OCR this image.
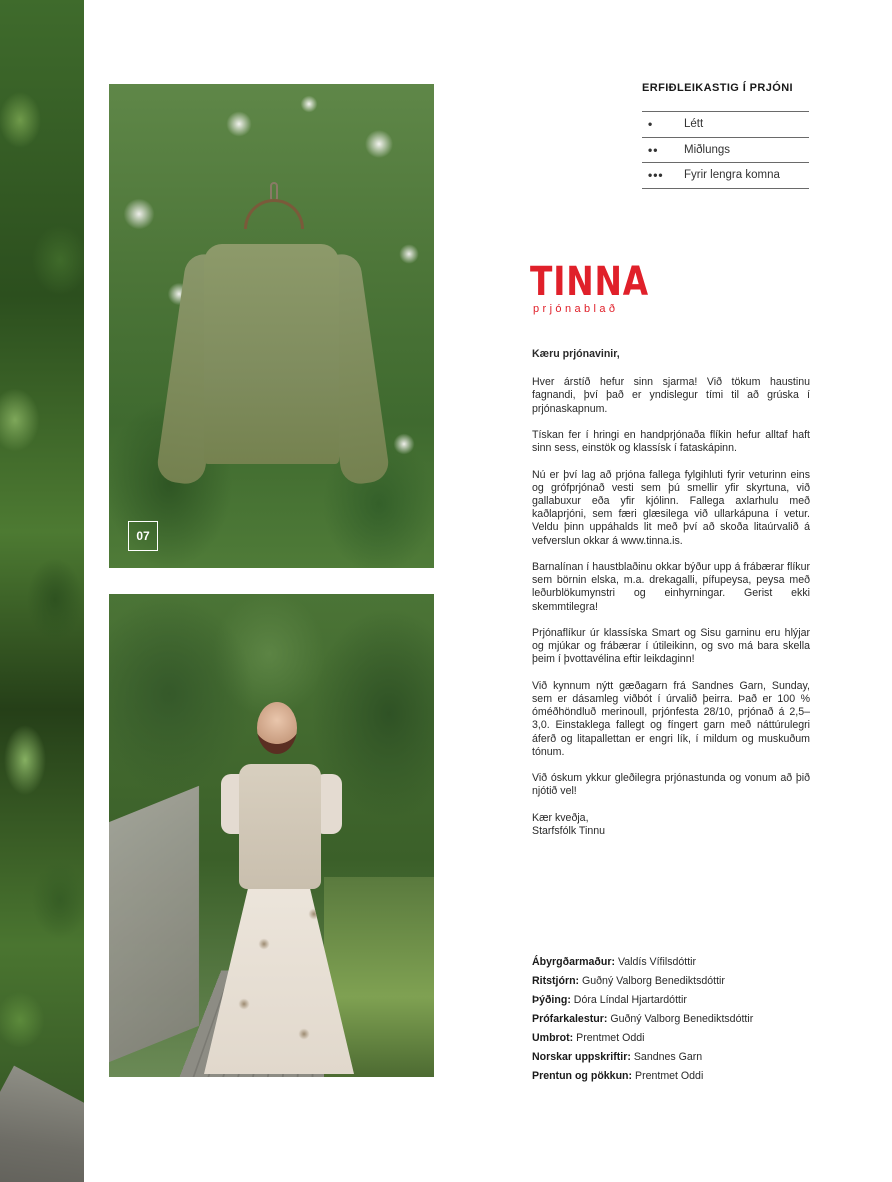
07
ERFIÐLEIKASTIG Í PRJÓNI
•	Létt
••	Miðlungs
•••	Fyrir lengra komna
TINNA
prjónablað
Kæru prjónavinir,

Hver árstíð hefur sinn sjarma! Við tökum haustinu fagnandi, því það er yndislegur tími til að grúska í prjónaskapnum.

Tískan fer í hringi en handprjónaða flíkin hefur alltaf haft sinn sess, einstök og klassísk í fataskápinn.

Nú er því lag að prjóna fallega fylgihluti fyrir veturinn eins og grófprjónað vesti sem þú smellir yfir skyrtuna, við gallabuxur eða yfir kjólinn. Fallega axlarhulu með kaðlaprjóni, sem færi glæsilega við ullarkápuna í vetur. Veldu þinn uppáhalds lit með því að skoða litaúrvalið á vefverslun okkar á www.tinna.is.

Barnalínan í haustblaðinu okkar býður upp á frábærar flíkur sem börnin elska, m.a. drekagalli, pífupeysa, peysa með leðurblökumynstri og einhyrningar. Gerist ekki skemmtilegra!

Prjónaflíkur úr klassíska Smart og Sisu garninu eru hlýjar og mjúkar og frábærar í útileikinn, og svo má bara skella þeim í þvottavélina eftir leikdaginn!

Við kynnum nýtt gæðagarn frá Sandnes Garn, Sunday, sem er dásamleg viðbót í úrvalið þeirra. Það er 100 % óméðhöndluð merinoull, prjónfesta 28/10, prjónað á 2,5–3,0. Einstaklega fallegt og fíngert garn með náttúrulegri áferð og litapallettan er engri lík, í mildum og muskuðum tónum.

Við óskum ykkur gleðilegra prjónastunda og vonum að þið njótið vel!

Kær kveðja,
Starfsfólk Tinnu
Ábyrgðarmaður: Valdís Vífilsdóttir
Ritstjórn: Guðný Valborg Benediktsdóttir
Þýðing: Dóra Líndal Hjartardóttir
Prófarkalestur: Guðný Valborg Benediktsdóttir
Umbrot: Prentmet Oddi
Norskar uppskriftir: Sandnes Garn
Prentun og pökkun: Prentmet Oddi
